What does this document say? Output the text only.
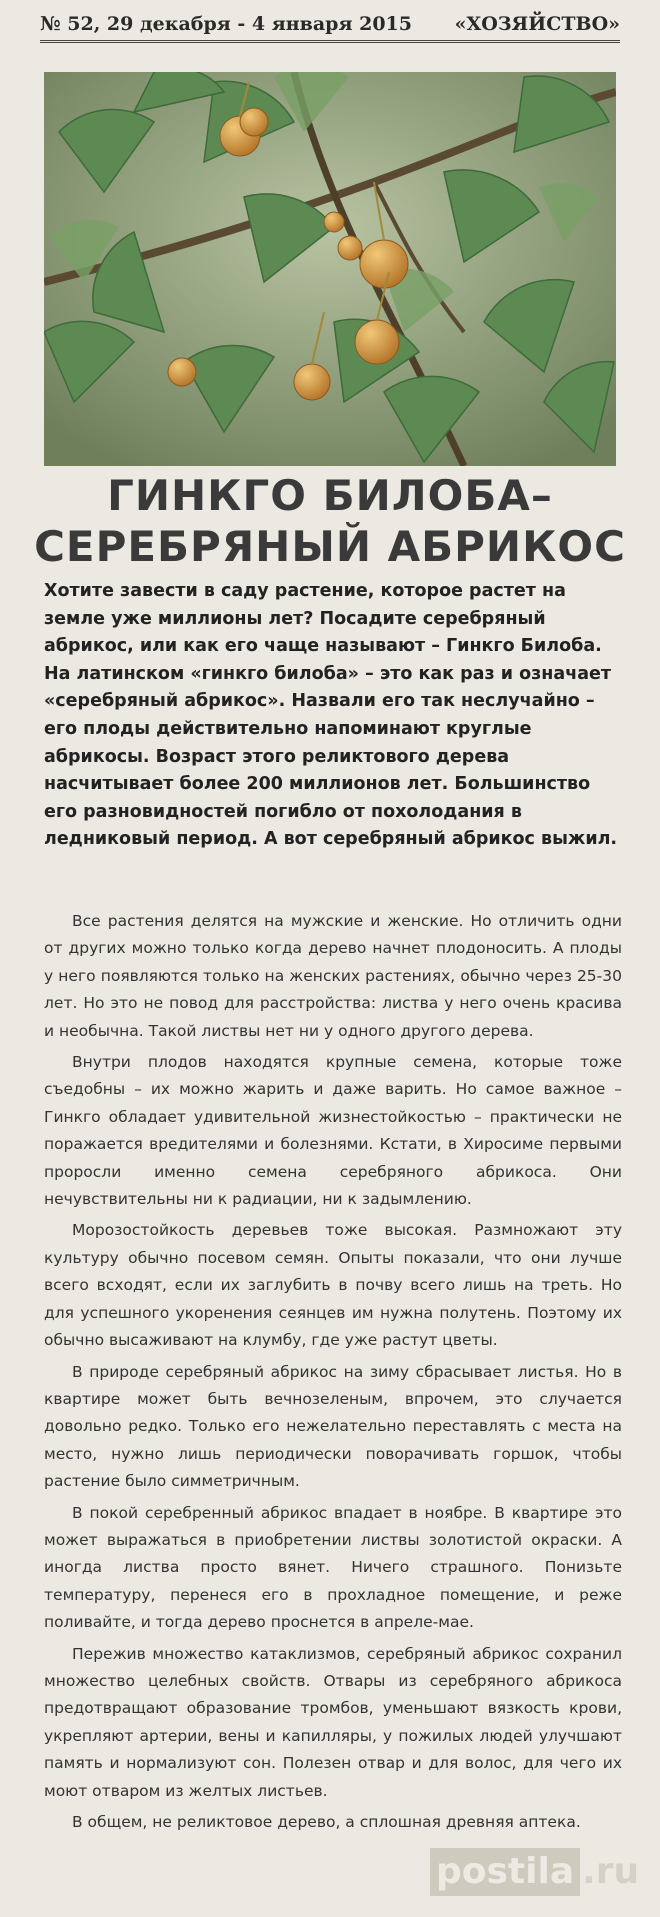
№ 52, 29 декабря - 4 января 2015 «ХОЗЯЙСТВО»
ГИНКГО БИЛОБА–
СЕРЕБРЯНЫЙ АБРИКОС

Хотите завести в саду растение, которое растет на земле уже миллионы лет? Посадите серебряный абрикос, или как его чаще называют – Гинкго Билоба. На латинском «гинкго билоба» – это как раз и означает «серебряный абрикос». Назвали его так неслучайно – его плоды действительно напоминают круглые абрикосы. Возраст этого реликтового дерева насчитывает более 200 миллионов лет. Большинство его разновидностей погибло от похолодания в ледниковый период. А вот серебряный абрикос выжил.

Все растения делятся на мужские и женские. Но отличить одни от других можно только когда дерево начнет плодоносить. А плоды у него появляются только на женских растениях, обычно через 25-30 лет. Но это не повод для расстройства: листва у него очень красива и необычна. Такой листвы нет ни у одного другого дерева.

Внутри плодов находятся крупные семена, которые тоже съедобны – их можно жарить и даже варить. Но самое важное – Гинкго обладает удивительной жизнестойкостью – практически не поражается вредителями и болезнями. Кстати, в Хиросиме первыми проросли именно семена серебряного абрикоса. Они нечувствительны ни к радиации, ни к задымлению.

Морозостойкость деревьев тоже высокая. Размножают эту культуру обычно посевом семян. Опыты показали, что они лучше всего всходят, если их заглубить в почву всего лишь на треть. Но для успешного укоренения сеянцев им нужна полутень. Поэтому их обычно высаживают на клумбу, где уже растут цветы.

В природе серебряный абрикос на зиму сбрасывает листья. Но в квартире может быть вечнозеленым, впрочем, это случается довольно редко. Только его нежелательно переставлять с места на место, нужно лишь периодически поворачивать горшок, чтобы растение было симметричным.

В покой серебренный абрикос впадает в ноябре. В квартире это может выражаться в приобретении листвы золотистой окраски. А иногда листва просто вянет. Ничего страшного. Понизьте температуру, перенеся его в прохладное помещение, и реже поливайте, и тогда дерево проснется в апреле-мае.

Пережив множество катаклизмов, серебряный абрикос сохранил множество целебных свойств. Отвары из серебряного абрикоса предотвращают образование тромбов, уменьшают вязкость крови, укрепляют артерии, вены и капилляры, у пожилых людей улучшают память и нормализуют сон. Полезен отвар и для волос, для чего их моют отваром из желтых листьев.

В общем, не реликтовое дерево, а сплошная древняя аптека.

postila .ru
